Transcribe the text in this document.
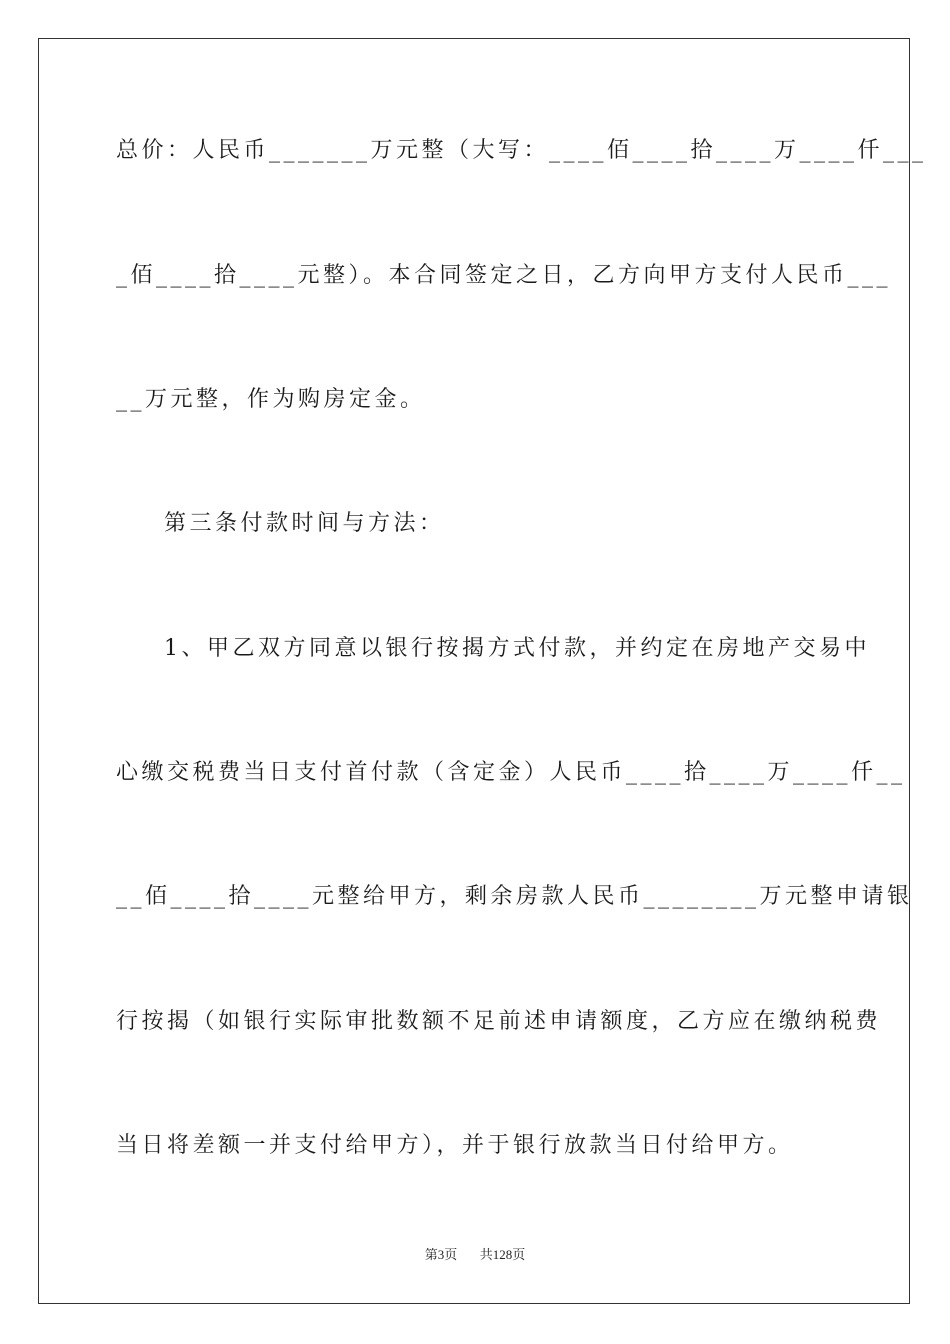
总价：人民币_______万元整（大写：____佰____拾____万____仟___
_佰____拾____元整）。本合同签定之日，乙方向甲方支付人民币___
__万元整，作为购房定金。
第三条付款时间与方法：
1、甲乙双方同意以银行按揭方式付款，并约定在房地产交易中
心缴交税费当日支付首付款（含定金）人民币____拾____万____仟__
__佰____拾____元整给甲方，剩余房款人民币________万元整申请银
行按揭（如银行实际审批数额不足前述申请额度，乙方应在缴纳税费
当日将差额一并支付给甲方），并于银行放款当日付给甲方。
第3页 共128页
